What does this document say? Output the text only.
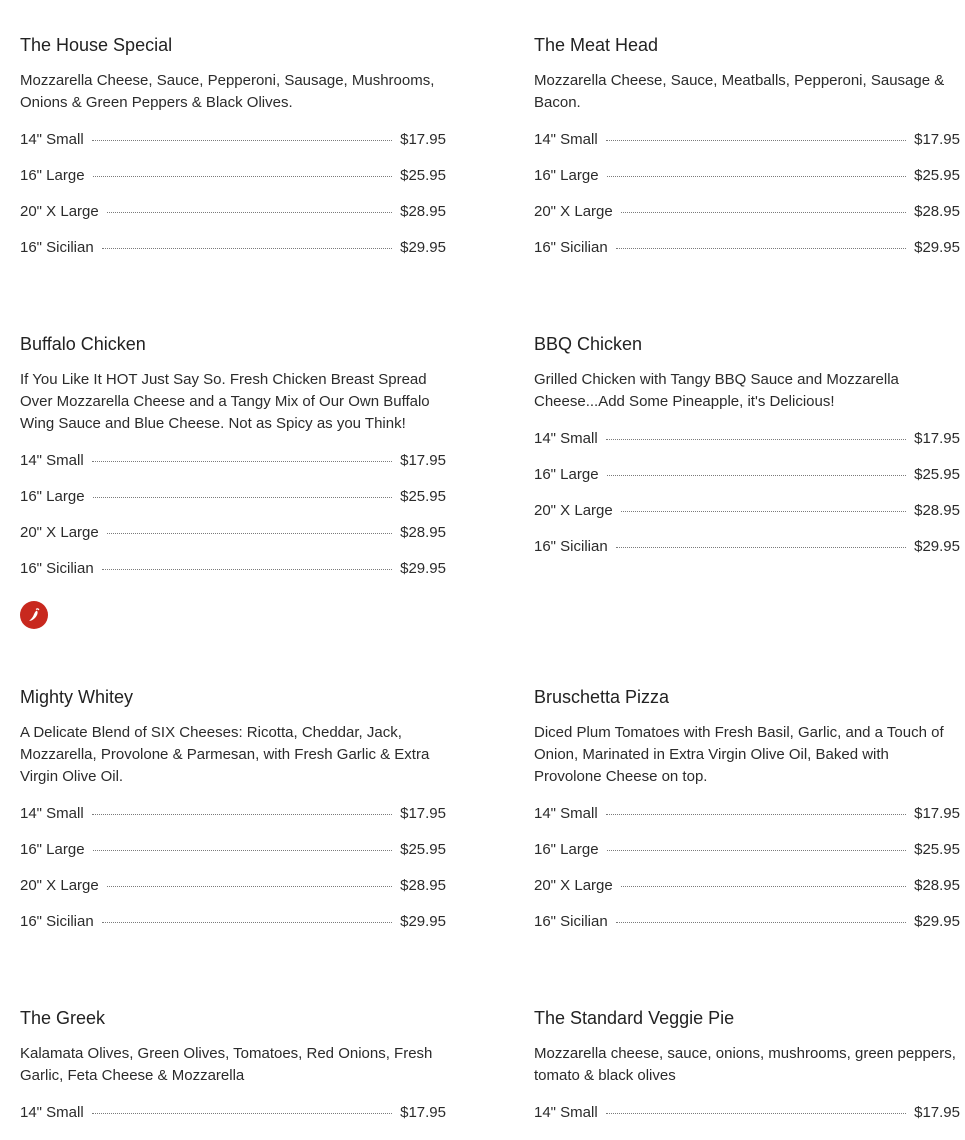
The House Special

Mozzarella Cheese, Sauce, Pepperoni, Sausage, Mushrooms, Onions & Green Peppers & Black Olives.

14" Small	$17.95
16" Large	$25.95
20" X Large	$28.95
16" Sicilian	$29.95
The Meat Head

Mozzarella Cheese, Sauce, Meatballs, Pepperoni, Sausage & Bacon.

14" Small	$17.95
16" Large	$25.95
20" X Large	$28.95
16" Sicilian	$29.95
Buffalo Chicken

If You Like It HOT Just Say So. Fresh Chicken Breast Spread Over Mozzarella Cheese and a Tangy Mix of Our Own Buffalo Wing Sauce and Blue Cheese. Not as Spicy as you Think!

14" Small	$17.95
16" Large	$25.95
20" X Large	$28.95
16" Sicilian	$29.95
BBQ Chicken

Grilled Chicken with Tangy BBQ Sauce and Mozzarella Cheese...Add Some Pineapple, it's Delicious!

14" Small	$17.95
16" Large	$25.95
20" X Large	$28.95
16" Sicilian	$29.95
Mighty Whitey

A Delicate Blend of SIX Cheeses: Ricotta, Cheddar, Jack, Mozzarella, Provolone & Parmesan, with Fresh Garlic & Extra Virgin Olive Oil.

14" Small	$17.95
16" Large	$25.95
20" X Large	$28.95
16" Sicilian	$29.95
Bruschetta Pizza

Diced Plum Tomatoes with Fresh Basil, Garlic, and a Touch of Onion, Marinated in Extra Virgin Olive Oil, Baked with Provolone Cheese on top.

14" Small	$17.95
16" Large	$25.95
20" X Large	$28.95
16" Sicilian	$29.95
The Greek

Kalamata Olives, Green Olives, Tomatoes, Red Onions, Fresh Garlic, Feta Cheese & Mozzarella

14" Small	$17.95
The Standard Veggie Pie

Mozzarella cheese, sauce, onions, mushrooms, green peppers, tomato & black olives

14" Small	$17.95
